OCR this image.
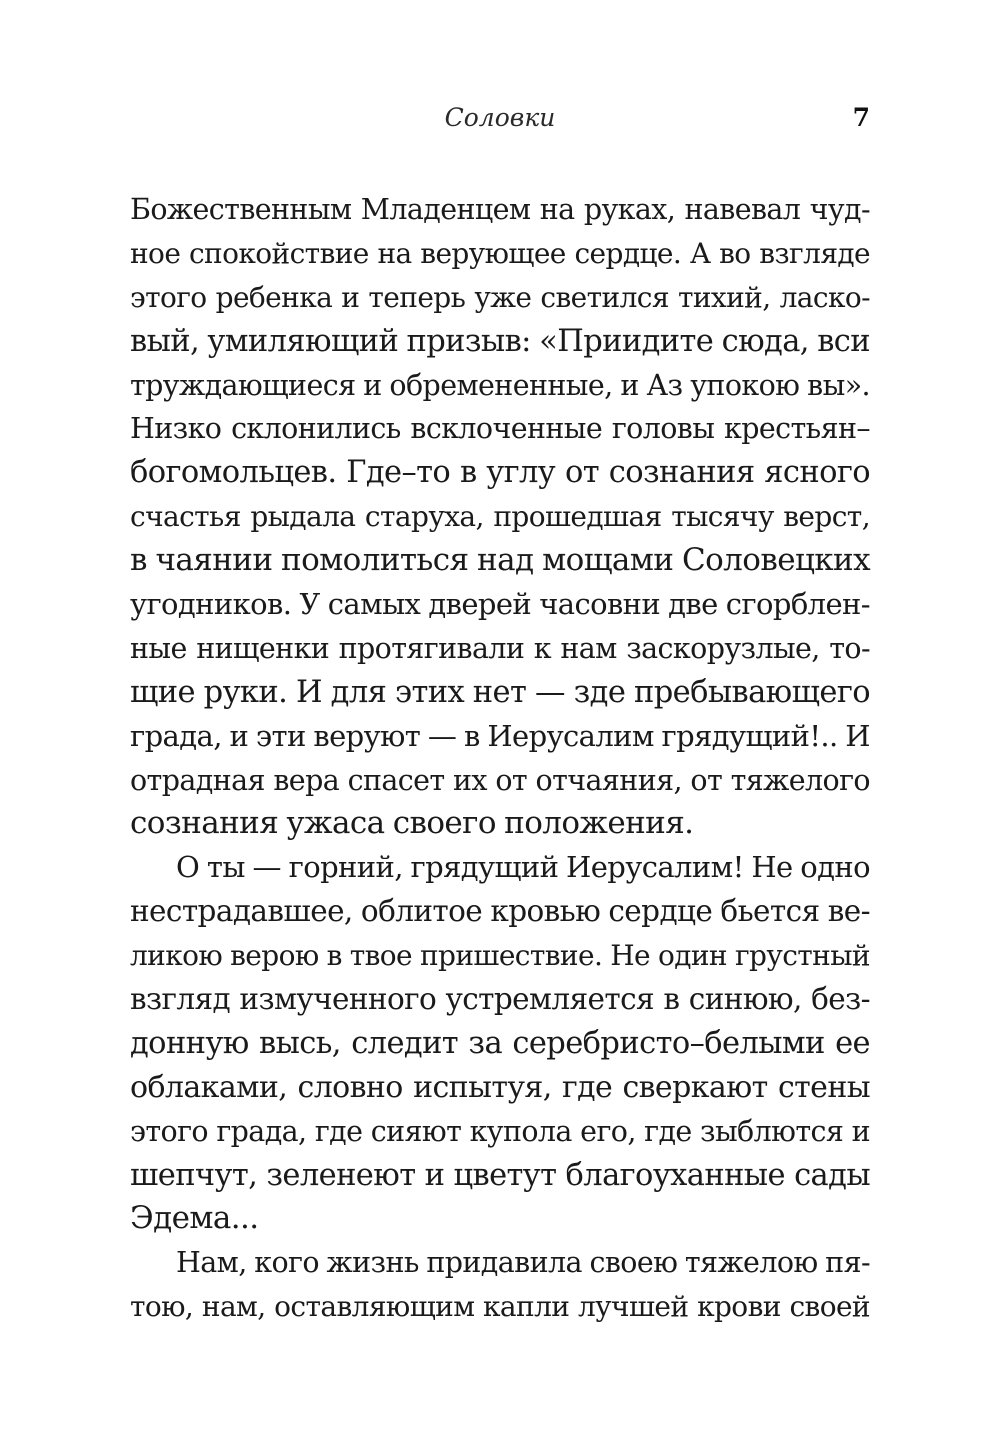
Соловки	7
Божественным Младенцем на руках, навевал чуд-
ное спокойствие на верующее сердце. А во взгляде
этого ребенка и теперь уже светился тихий, ласко-
вый, умиляющий призыв: «Приидите сюда, вси
труждающиеся и обремененные, и Аз упокою вы».
Низко склонились всклоченные головы крестьян–
богомольцев. Где–то в углу от сознания ясного
счастья рыдала старуха, прошедшая тысячу верст,
в чаянии помолиться над мощами Соловецких
угодников. У самых дверей часовни две сгорблен-
ные нищенки протягивали к нам заскорузлые, то-
щие руки. И для этих нет — зде пребывающего
града, и эти веруют — в Иерусалим грядущий!.. И
отрадная вера спасет их от отчаяния, от тяжелого
сознания ужаса своего положения.
О ты — горний, грядущий Иерусалим! Не одно
нестрадавшее, облитое кровью сердце бьется ве-
ликою верою в твое пришествие. Не один грустный
взгляд измученного устремляется в синюю, без-
донную высь, следит за серебристо–белыми ее
облаками, словно испытуя, где сверкают стены
этого града, где сияют купола его, где зыблются и
шепчут, зеленеют и цветут благоуханные сады
Эдема...
Нам, кого жизнь придавила своею тяжелою пя-
тою, нам, оставляющим капли лучшей крови своей
